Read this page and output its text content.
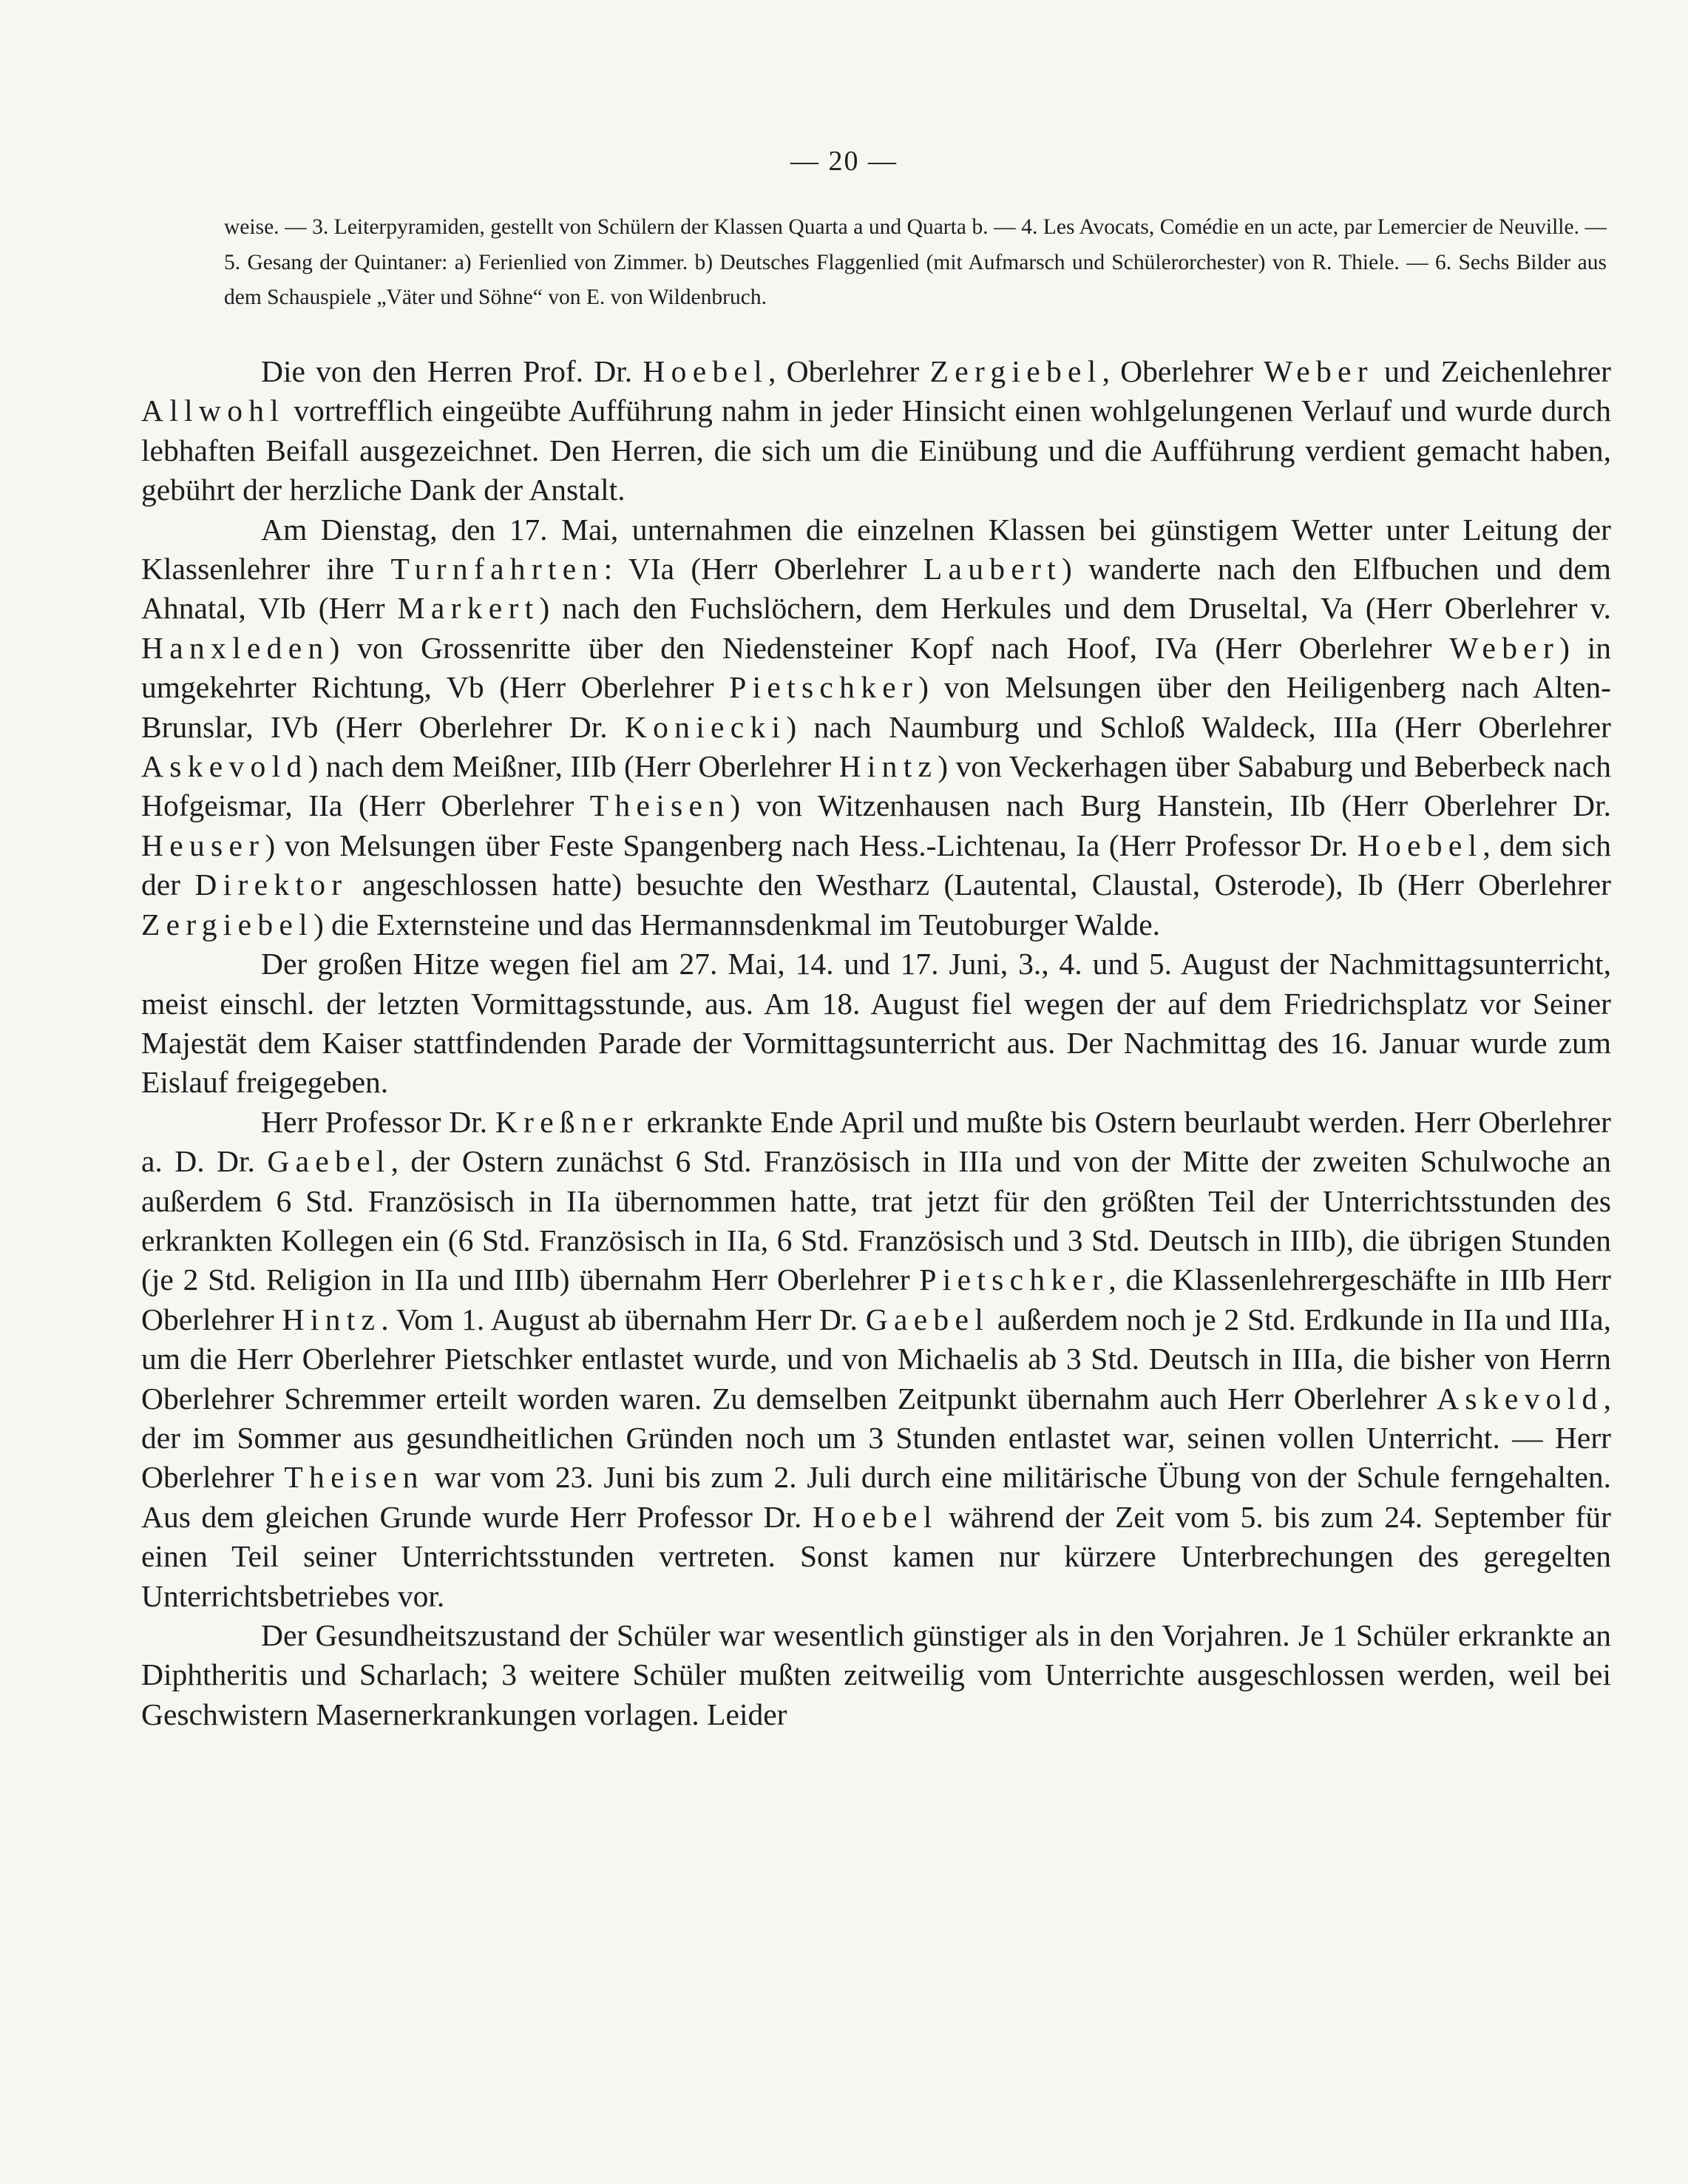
— 20 —
weise. — 3. Leiterpyramiden, gestellt von Schülern der Klassen Quarta a und Quarta b. — 4. Les Avocats, Comédie en un acte, par Lemercier de Neuville. — 5. Gesang der Quintaner: a) Ferienlied von Zimmer. b) Deutsches Flaggenlied (mit Aufmarsch und Schülerorchester) von R. Thiele. — 6. Sechs Bilder aus dem Schauspiele „Väter und Söhne“ von E. von Wildenbruch.

Die von den Herren Prof. Dr. Hoebel, Oberlehrer Zergiebel, Oberlehrer Weber und Zeichenlehrer Allwohl vortrefflich eingeübte Aufführung nahm in jeder Hinsicht einen wohlgelungenen Verlauf und wurde durch lebhaften Beifall ausgezeichnet. Den Herren, die sich um die Einübung und die Aufführung verdient gemacht haben, gebührt der herzliche Dank der Anstalt.

Am Dienstag, den 17. Mai, unternahmen die einzelnen Klassen bei günstigem Wetter unter Leitung der Klassenlehrer ihre Turnfahrten: VIa (Herr Oberlehrer Laubert) wanderte nach den Elfbuchen und dem Ahnatal, VIb (Herr Markert) nach den Fuchslöchern, dem Herkules und dem Druseltal, Va (Herr Oberlehrer v. Hanxleden) von Grossenritte über den Niedensteiner Kopf nach Hoof, IVa (Herr Oberlehrer Weber) in umgekehrter Richtung, Vb (Herr Oberlehrer Pietschker) von Melsungen über den Heiligenberg nach Alten-Brunslar, IVb (Herr Oberlehrer Dr. Koniecki) nach Naumburg und Schloß Waldeck, IIIa (Herr Oberlehrer Askevold) nach dem Meißner, IIIb (Herr Oberlehrer Hintz) von Veckerhagen über Sababurg und Beberbeck nach Hofgeismar, IIa (Herr Oberlehrer Theisen) von Witzenhausen nach Burg Hanstein, IIb (Herr Oberlehrer Dr. Heuser) von Melsungen über Feste Spangenberg nach Hess.-Lichtenau, Ia (Herr Professor Dr. Hoebel, dem sich der Direktor angeschlossen hatte) besuchte den Westharz (Lautental, Claustal, Osterode), Ib (Herr Oberlehrer Zergiebel) die Externsteine und das Hermannsdenkmal im Teutoburger Walde.

Der großen Hitze wegen fiel am 27. Mai, 14. und 17. Juni, 3., 4. und 5. August der Nachmittagsunterricht, meist einschl. der letzten Vormittagsstunde, aus. Am 18. August fiel wegen der auf dem Friedrichsplatz vor Seiner Majestät dem Kaiser stattfindenden Parade der Vormittagsunterricht aus. Der Nachmittag des 16. Januar wurde zum Eislauf freigegeben.

Herr Professor Dr. Kreßner erkrankte Ende April und mußte bis Ostern beurlaubt werden. Herr Oberlehrer a. D. Dr. Gaebel, der Ostern zunächst 6 Std. Französisch in IIIa und von der Mitte der zweiten Schulwoche an außerdem 6 Std. Französisch in IIa übernommen hatte, trat jetzt für den größten Teil der Unterrichtsstunden des erkrankten Kollegen ein (6 Std. Französisch in IIa, 6 Std. Französisch und 3 Std. Deutsch in IIIb), die übrigen Stunden (je 2 Std. Religion in IIa und IIIb) übernahm Herr Oberlehrer Pietschker, die Klassenlehrergeschäfte in IIIb Herr Oberlehrer Hintz. Vom 1. August ab übernahm Herr Dr. Gaebel außerdem noch je 2 Std. Erdkunde in IIa und IIIa, um die Herr Oberlehrer Pietschker entlastet wurde, und von Michaelis ab 3 Std. Deutsch in IIIa, die bisher von Herrn Oberlehrer Schremmer erteilt worden waren. Zu demselben Zeitpunkt übernahm auch Herr Oberlehrer Askevold, der im Sommer aus gesundheitlichen Gründen noch um 3 Stunden entlastet war, seinen vollen Unterricht. — Herr Oberlehrer Theisen war vom 23. Juni bis zum 2. Juli durch eine militärische Übung von der Schule ferngehalten. Aus dem gleichen Grunde wurde Herr Professor Dr. Hoebel während der Zeit vom 5. bis zum 24. September für einen Teil seiner Unterrichtsstunden vertreten. Sonst kamen nur kürzere Unterbrechungen des geregelten Unterrichtsbetriebes vor.

Der Gesundheitszustand der Schüler war wesentlich günstiger als in den Vorjahren. Je 1 Schüler erkrankte an Diphtheritis und Scharlach; 3 weitere Schüler mußten zeitweilig vom Unterrichte ausgeschlossen werden, weil bei Geschwistern Masernerkrankungen vorlagen. Leider
